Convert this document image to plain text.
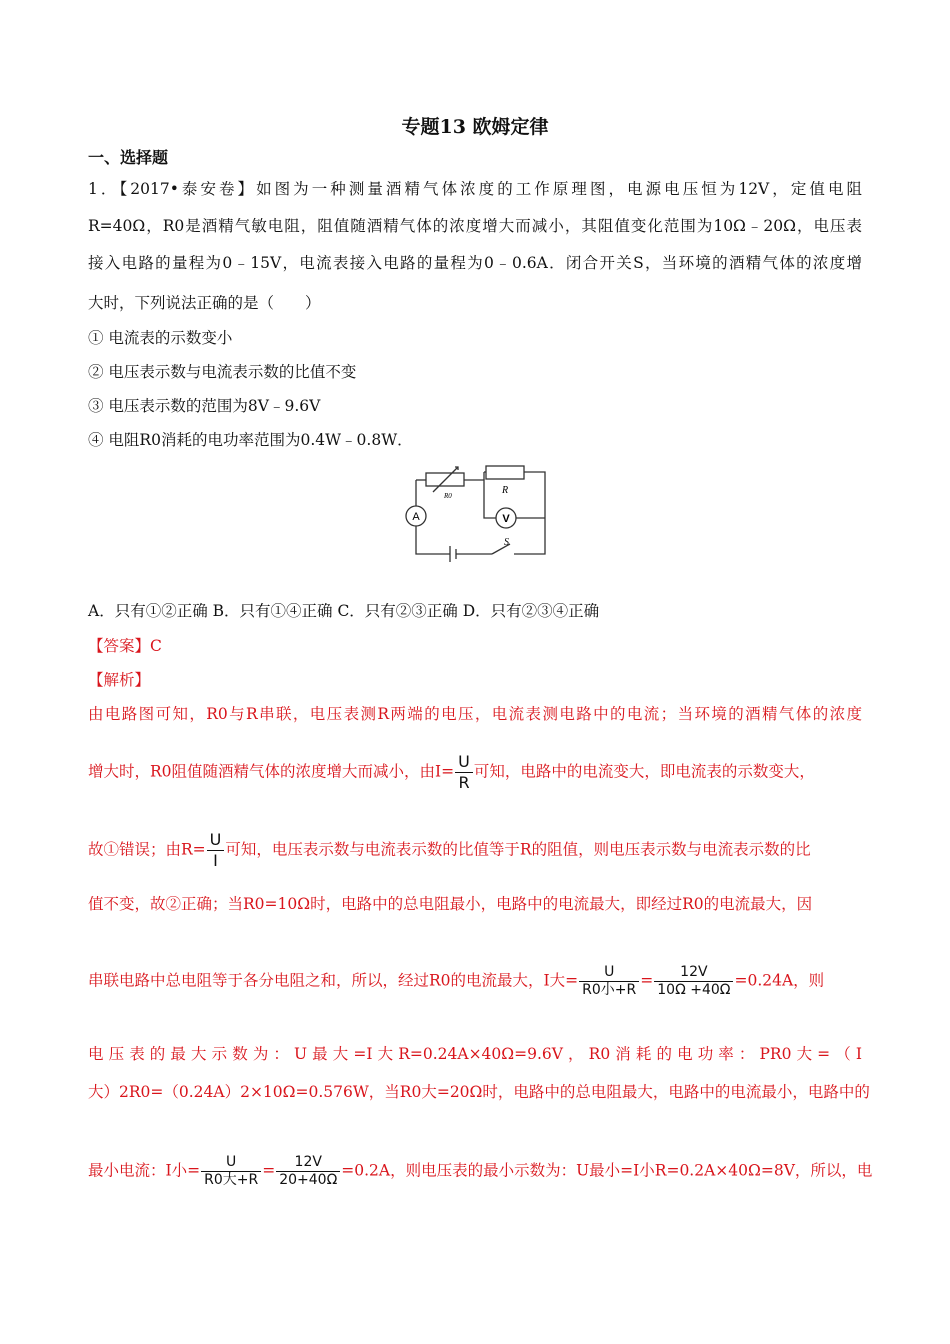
专题13 欧姆定律
一、选择题
1．【2017•泰安卷】如图为一种测量酒精气体浓度的工作原理图，电源电压恒为12V，定值电阻
R=40Ω，R0是酒精气敏电阻，阻值随酒精气体的浓度增大而减小，其阻值变化范围为10Ω﹣20Ω，电压表
接入电路的量程为0﹣15V，电流表接入电路的量程为0﹣0.6A．闭合开关S，当环境的酒精气体的浓度增
大时，下列说法正确的是（　　）
① 电流表的示数变小
② 电压表示数与电流表示数的比值不变
③ 电压表示数的范围为8V﹣9.6V
④ 电阻R0消耗的电功率范围为0.4W﹣0.8W．
A	V
R0	R
S
A．只有①②正确 B．只有①④正确 C．只有②③正确 D．只有②③④正确
【答案】C
【解析】
由电路图可知，R0与R串联，电压表测R两端的电压，电流表测电路中的电流；当环境的酒精气体的浓度
增大时，R0阻值随酒精气体的浓度增大而减小，由$I= \frac{U}{R}$ 可知，电路中的电流变大，即电流表的示数变大，
故①错误；由$R= \frac{U}{I}$ 可知，电压表示数与电流表示数的比值等于R的阻值，则电压表示数与电流表示数的比
值不变，故②正确；当R0=10Ω时，电路中的总电阻最小，电路中的电流最大，即经过R0的电流最大，因
串联电路中总电阻等于各分电阻之和，所以，经过R0的电流最大，I大= $\frac{U}{\text{R0小+R}} = \frac{12V}{10\Omega +40\Omega} =0.24A$，则
电压表的最大示数为：U最大=I大R=0.24A×40Ω=9.6V，R0消耗的电功率：PR0大=（I
大）2R0=（0.24A）2×10Ω=0.576W，当R0大=20Ω时，电路中的总电阻最大，电路中的电流最小，电路中的
最小电流：I小= $\frac{U}{\text{R0大+R}} = \frac{12V}{20+40\Omega} =0.2A$，则电压表的最小示数为：U最小=I小R=0.2A×40Ω=8V，所以，电
